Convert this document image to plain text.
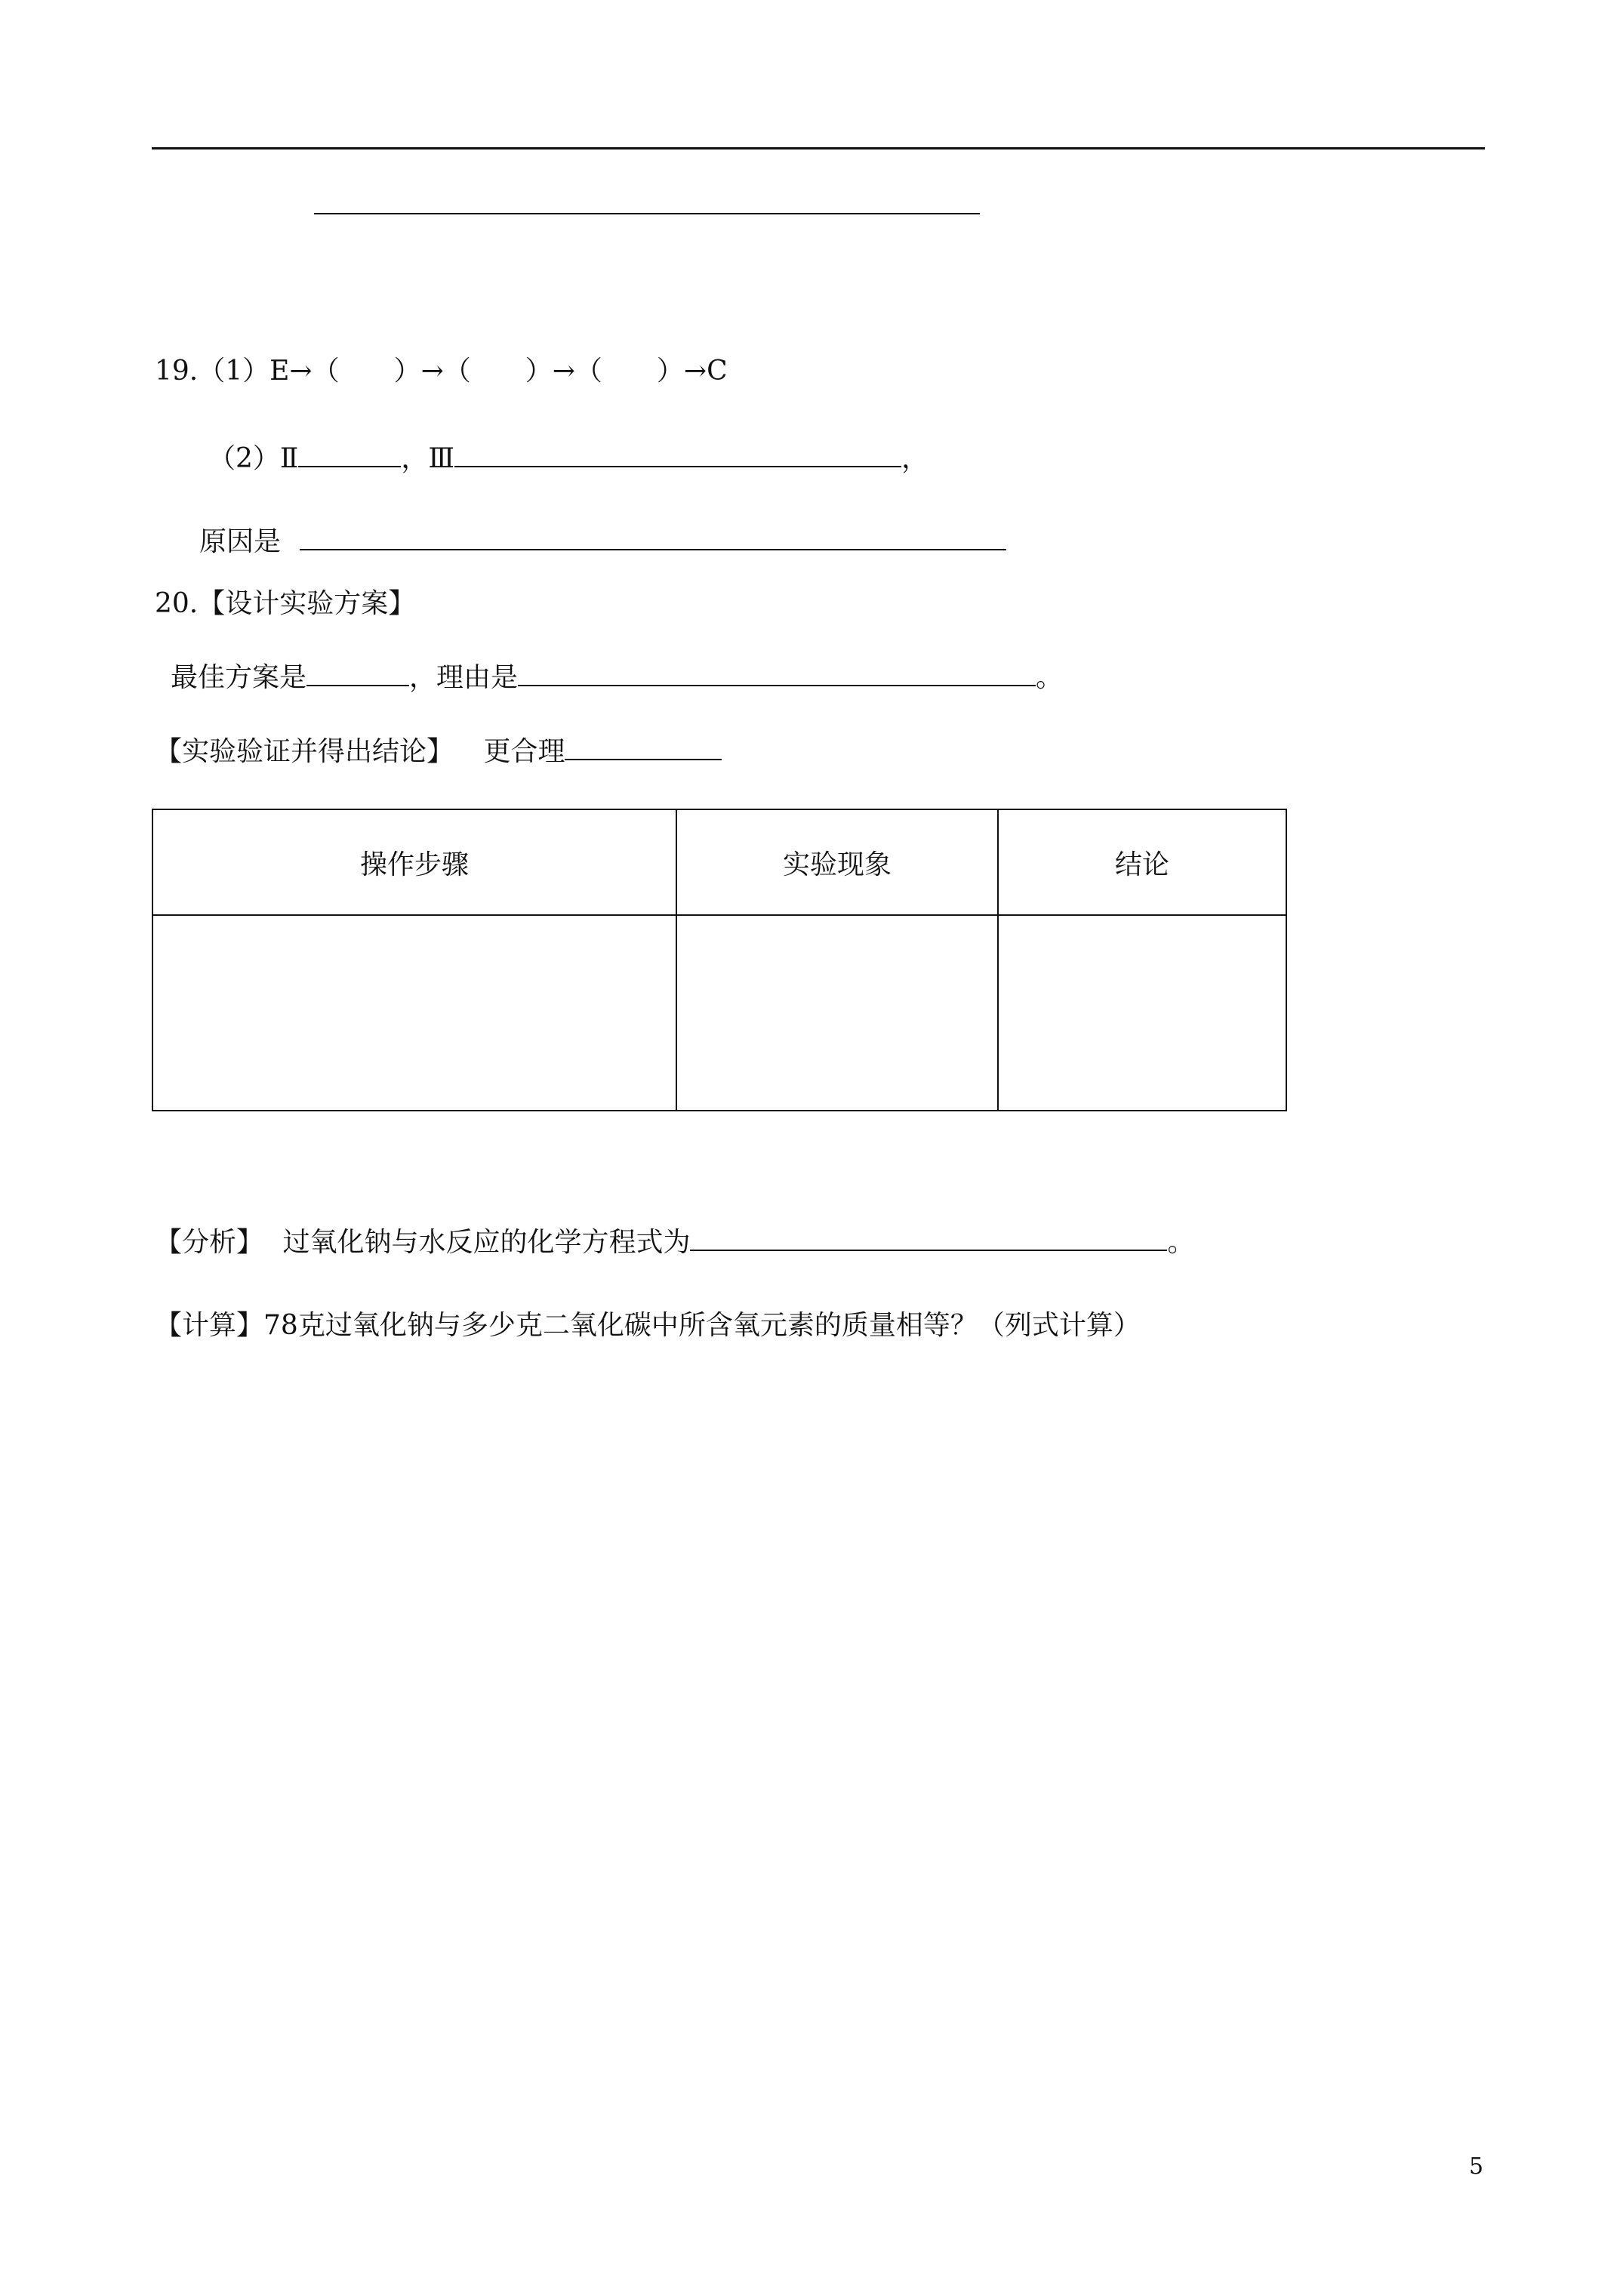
19.（1）E→（　　）→（　　）→（　　）→C
（2）Ⅱ	，Ⅲ	，
原因是
20.【设计实验方案】
最佳方案是	，理由是	。
【实验验证并得出结论】 更合理
操作步骤	实验现象	结论

【分析】 过氧化钠与水反应的化学方程式为	。
【计算】78克过氧化钠与多少克二氧化碳中所含氧元素的质量相等？（列式计算）
5
